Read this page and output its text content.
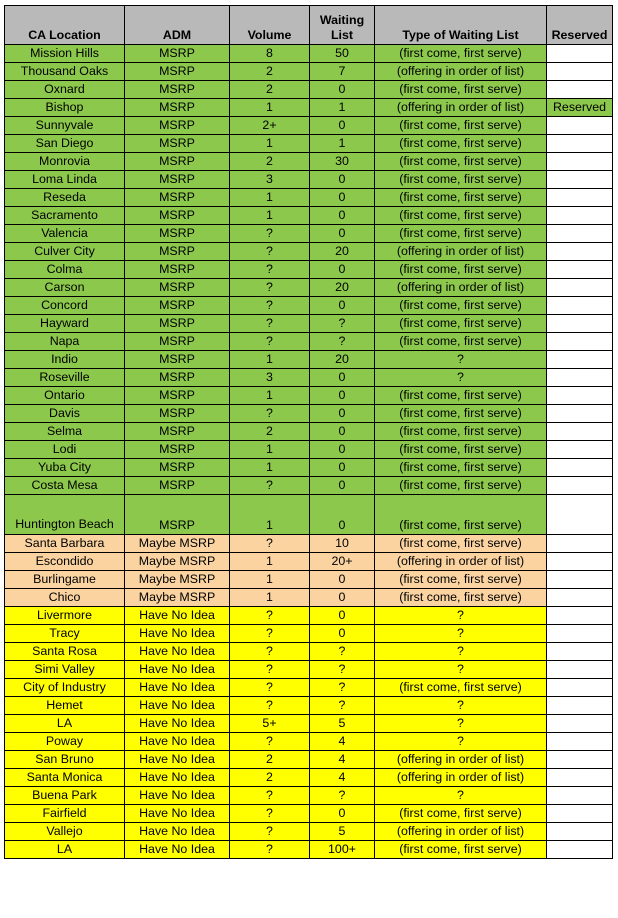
CA Location	ADM	Volume	Waiting List	Type of Waiting List	Reserved
Mission Hills	MSRP	8	50	(first come, first serve)	
Thousand Oaks	MSRP	2	7	(offering in order of list)	
Oxnard	MSRP	2	0	(first come, first serve)	
Bishop	MSRP	1	1	(offering in order of list)	Reserved
Sunnyvale	MSRP	2+	0	(first come, first serve)	
San Diego	MSRP	1	1	(first come, first serve)	
Monrovia	MSRP	2	30	(first come, first serve)	
Loma Linda	MSRP	3	0	(first come, first serve)	
Reseda	MSRP	1	0	(first come, first serve)	
Sacramento	MSRP	1	0	(first come, first serve)	
Valencia	MSRP	?	0	(first come, first serve)	
Culver City	MSRP	?	20	(offering in order of list)	
Colma	MSRP	?	0	(first come, first serve)	
Carson	MSRP	?	20	(offering in order of list)	
Concord	MSRP	?	0	(first come, first serve)	
Hayward	MSRP	?	?	(first come, first serve)	
Napa	MSRP	?	?	(first come, first serve)	
Indio	MSRP	1	20	?	
Roseville	MSRP	3	0	?	
Ontario	MSRP	1	0	(first come, first serve)	
Davis	MSRP	?	0	(first come, first serve)	
Selma	MSRP	2	0	(first come, first serve)	
Lodi	MSRP	1	0	(first come, first serve)	
Yuba City	MSRP	1	0	(first come, first serve)	
Costa Mesa	MSRP	?	0	(first come, first serve)	
Huntington Beach	MSRP	1	0	(first come, first serve)	
Santa Barbara	Maybe MSRP	?	10	(first come, first serve)	
Escondido	Maybe MSRP	1	20+	(offering in order of list)	
Burlingame	Maybe MSRP	1	0	(first come, first serve)	
Chico	Maybe MSRP	1	0	(first come, first serve)	
Livermore	Have No Idea	?	0	?	
Tracy	Have No Idea	?	0	?	
Santa Rosa	Have No Idea	?	?	?	
Simi Valley	Have No Idea	?	?	?	
City of Industry	Have No Idea	?	?	(first come, first serve)	
Hemet	Have No Idea	?	?	?	
LA	Have No Idea	5+	5	?	
Poway	Have No Idea	?	4	?	
San Bruno	Have No Idea	2	4	(offering in order of list)	
Santa Monica	Have No Idea	2	4	(offering in order of list)	
Buena Park	Have No Idea	?	?	?	
Fairfield	Have No Idea	?	0	(first come, first serve)	
Vallejo	Have No Idea	?	5	(offering in order of list)	
LA	Have No Idea	?	100+	(first come, first serve)	
